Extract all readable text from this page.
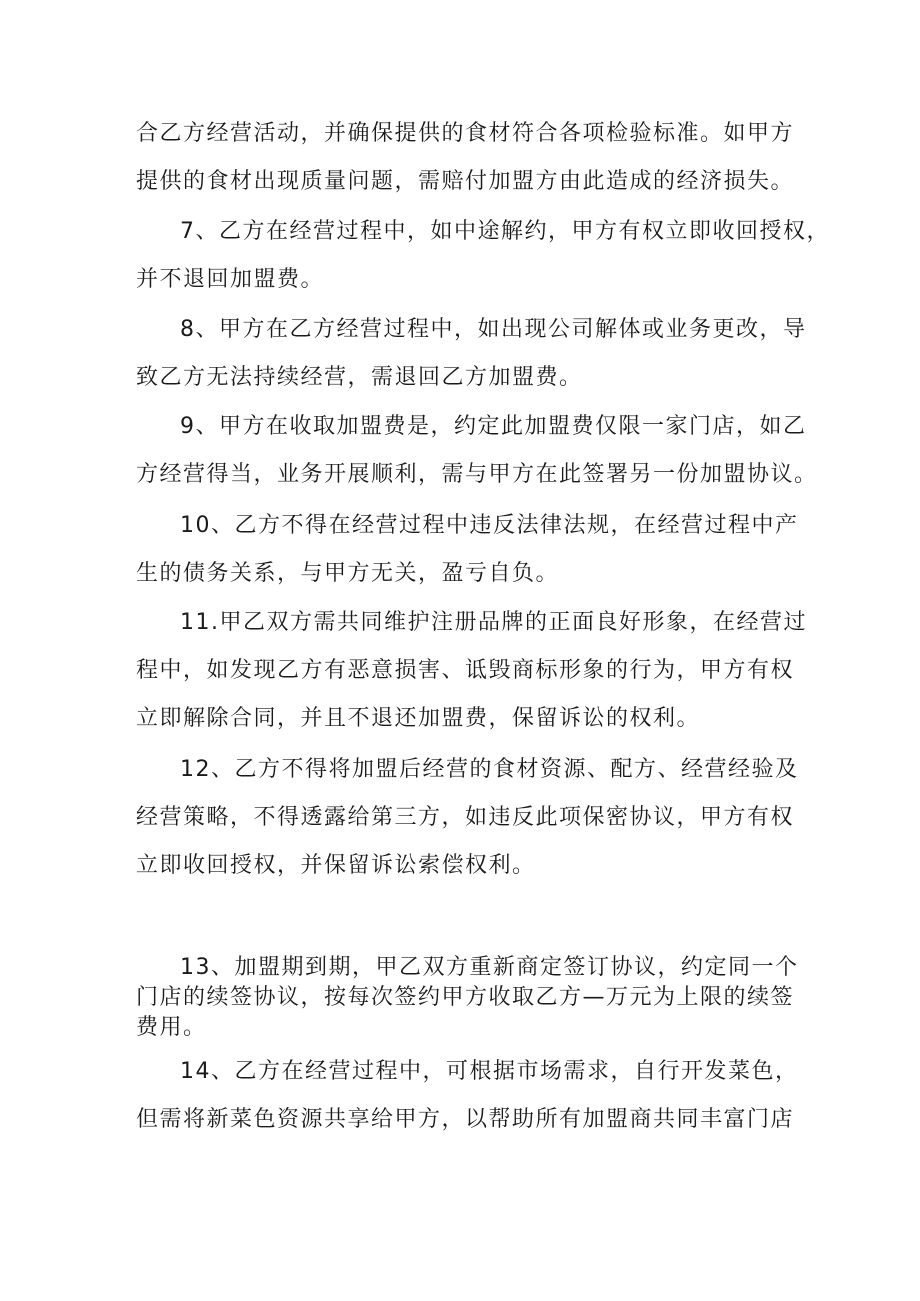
合乙方经营活动，并确保提供的食材符合各项检验标准。如甲方
提供的食材出现质量问题，需赔付加盟方由此造成的经济损失。
7、乙方在经营过程中，如中途解约，甲方有权立即收回授权，
并不退回加盟费。
8、甲方在乙方经营过程中，如出现公司解体或业务更改，导
致乙方无法持续经营，需退回乙方加盟费。
9、甲方在收取加盟费是，约定此加盟费仅限一家门店，如乙
方经营得当，业务开展顺利，需与甲方在此签署另一份加盟协议。
10、乙方不得在经营过程中违反法律法规，在经营过程中产
生的债务关系，与甲方无关，盈亏自负。
11.甲乙双方需共同维护注册品牌的正面良好形象，在经营过
程中，如发现乙方有恶意损害、诋毁商标形象的行为，甲方有权
立即解除合同，并且不退还加盟费，保留诉讼的权利。
12、乙方不得将加盟后经营的食材资源、配方、经营经验及
经营策略，不得透露给第三方，如违反此项保密协议，甲方有权
立即收回授权，并保留诉讼索偿权利。
13、加盟期到期，甲乙双方重新商定签订协议，约定同一个
门店的续签协议，按每次签约甲方收取乙方—万元为上限的续签
费用。
14、乙方在经营过程中，可根据市场需求，自行开发菜色，
但需将新菜色资源共享给甲方，以帮助所有加盟商共同丰富门店
